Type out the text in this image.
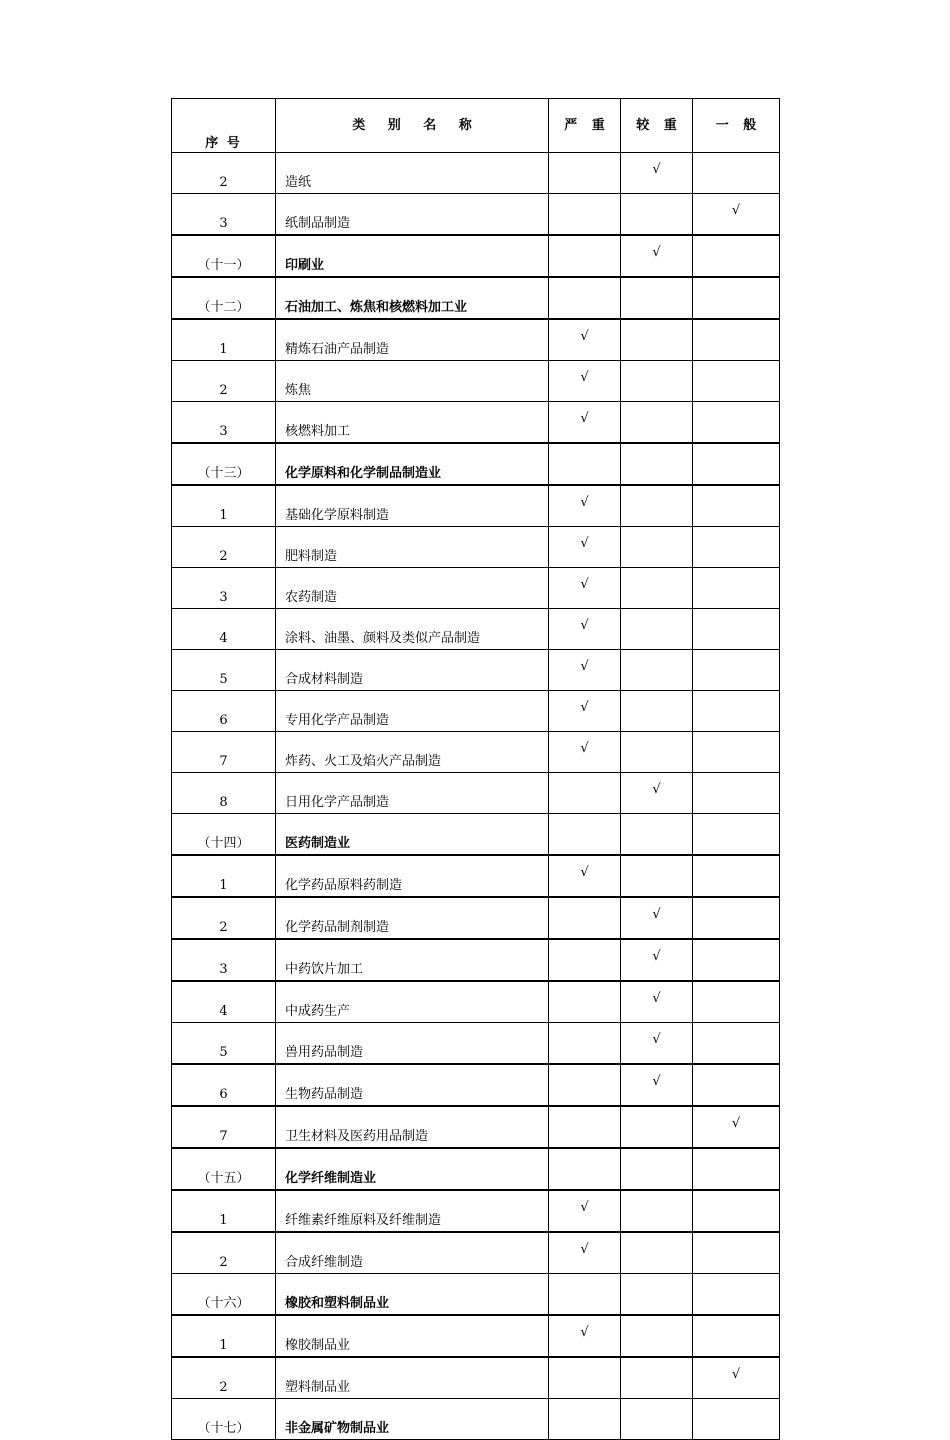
序 号	类 别 名 称	严 重	较 重	一 般
2	造纸		√	
3	纸制品制造			√
（十一）	印刷业		√	
（十二）	石油加工、炼焦和核燃料加工业			
1	精炼石油产品制造	√		
2	炼焦	√		
3	核燃料加工	√		
（十三）	化学原料和化学制品制造业			
1	基础化学原料制造	√		
2	肥料制造	√		
3	农药制造	√		
4	涂料、油墨、颜料及类似产品制造	√		
5	合成材料制造	√		
6	专用化学产品制造	√		
7	炸药、火工及焰火产品制造	√		
8	日用化学产品制造		√	
（十四）	医药制造业			
1	化学药品原料药制造	√		
2	化学药品制剂制造		√	
3	中药饮片加工		√	
4	中成药生产		√	
5	兽用药品制造		√	
6	生物药品制造		√	
7	卫生材料及医药用品制造			√
（十五）	化学纤维制造业			
1	纤维素纤维原料及纤维制造	√		
2	合成纤维制造	√		
（十六）	橡胶和塑料制品业			
1	橡胶制品业	√		
2	塑料制品业			√
（十七）	非金属矿物制品业			
